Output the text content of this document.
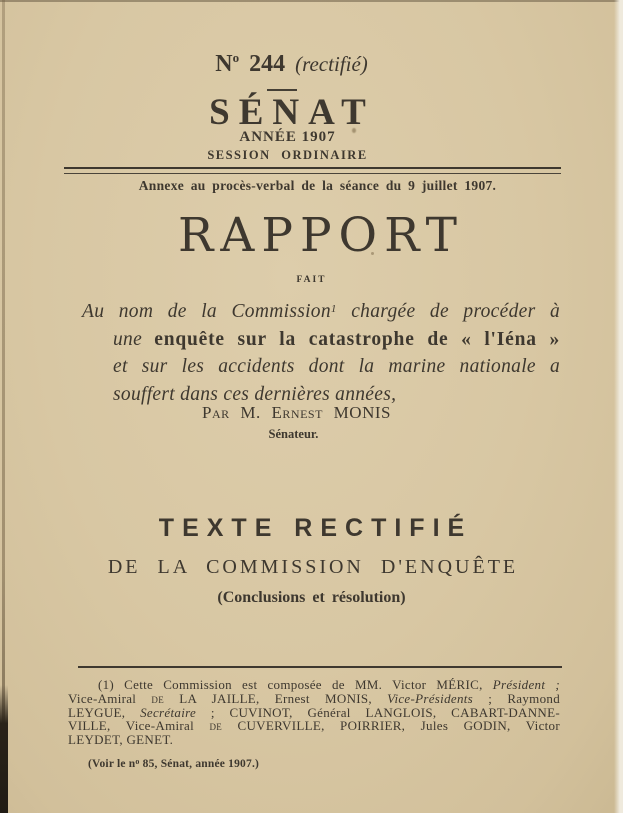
$N^o$ 244 (rectifié)
SÉNAT
ANNÉE 1907
SESSION ORDINAIRE
Annexe au procès-verbal de la séance du 9 juillet 1907.
RAPPORT
FAIT
Au nom de la Commission$^1$ chargée de procéder à
une enquête sur la catastrophe de « l'Iéna »
et sur les accidents dont la marine nationale a
souffert dans ces dernières années,
Par M. Ernest MONIS
Sénateur.
TEXTE RECTIFIÉ
DE LA COMMISSION D'ENQUÊTE
(Conclusions et résolution)
(1) Cette Commission est composée de MM. Victor MÉRIC, Président ;
Vice-Amiral de LA JAILLE, Ernest MONIS, Vice-Présidents ; Raymond
LEYGUE, Secrétaire ; CUVINOT, Général LANGLOIS, CABART-DANNE-
VILLE, Vice-Amiral de CUVERVILLE, POIRRIER, Jules GODIN, Victor
LEYDET, GENET.
(Voir le $n^o$ 85, Sénat, année 1907.)
